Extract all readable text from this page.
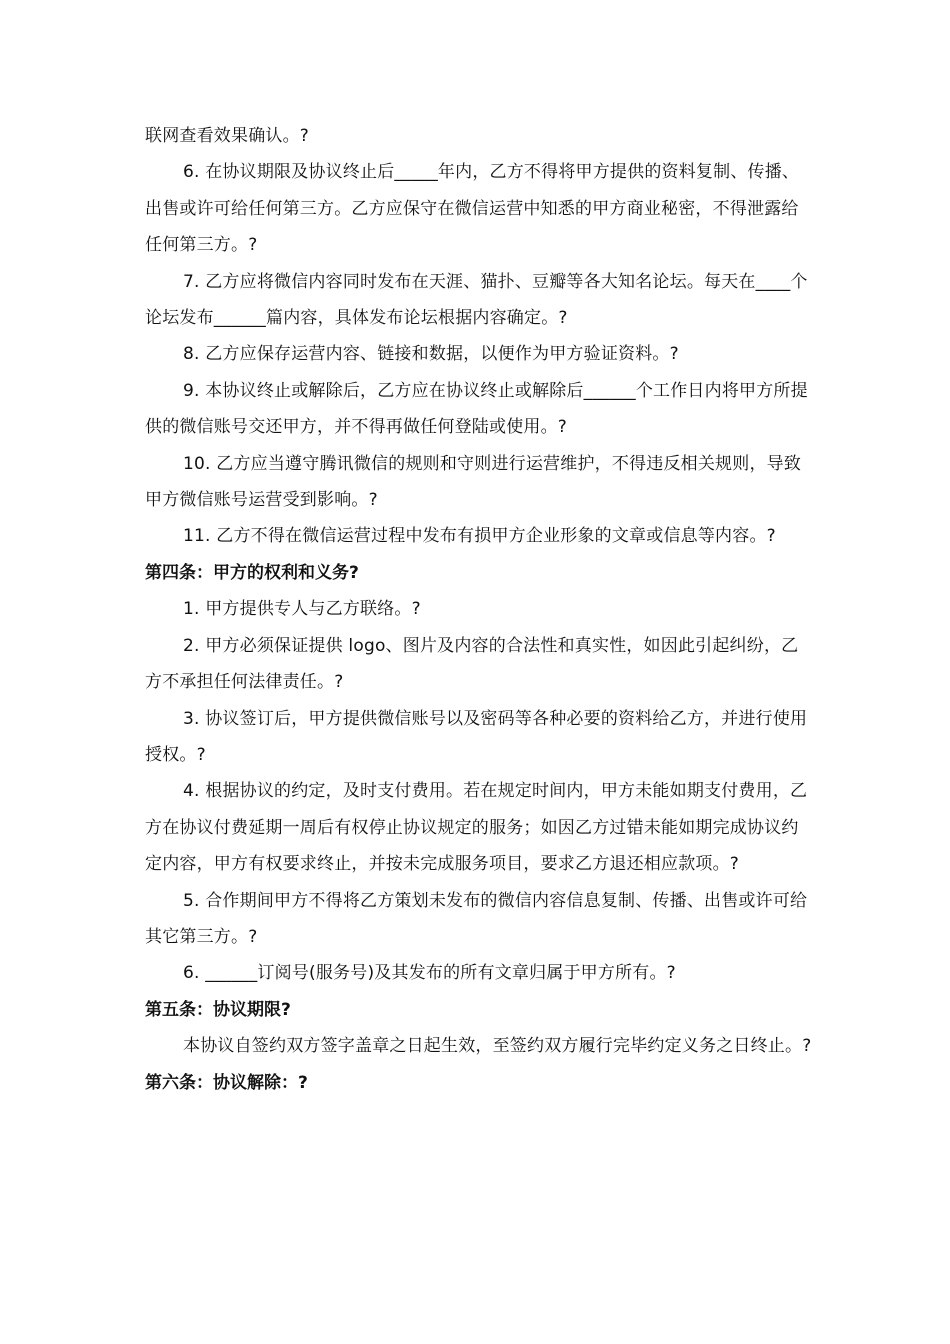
联网查看效果确认。?

6. 在协议期限及协议终止后_____年内，乙方不得将甲方提供的资料复制、传播、出售或许可给任何第三方。乙方应保守在微信运营中知悉的甲方商业秘密，不得泄露给任何第三方。?

7. 乙方应将微信内容同时发布在天涯、猫扑、豆瓣等各大知名论坛。每天在____个论坛发布______篇内容，具体发布论坛根据内容确定。?

8. 乙方应保存运营内容、链接和数据，以便作为甲方验证资料。?

9. 本协议终止或解除后，乙方应在协议终止或解除后______个工作日内将甲方所提供的微信账号交还甲方，并不得再做任何登陆或使用。?

10. 乙方应当遵守腾讯微信的规则和守则进行运营维护，不得违反相关规则，导致甲方微信账号运营受到影响。?

11. 乙方不得在微信运营过程中发布有损甲方企业形象的文章或信息等内容。?

第四条：甲方的权利和义务?

1. 甲方提供专人与乙方联络。?

2. 甲方必须保证提供 logo、图片及内容的合法性和真实性，如因此引起纠纷，乙方不承担任何法律责任。?

3. 协议签订后，甲方提供微信账号以及密码等各种必要的资料给乙方，并进行使用授权。?

4. 根据协议的约定，及时支付费用。若在规定时间内，甲方未能如期支付费用，乙方在协议付费延期一周后有权停止协议规定的服务；如因乙方过错未能如期完成协议约定内容，甲方有权要求终止，并按未完成服务项目，要求乙方退还相应款项。?

5. 合作期间甲方不得将乙方策划未发布的微信内容信息复制、传播、出售或许可给其它第三方。?

6. ______订阅号(服务号)及其发布的所有文章归属于甲方所有。?

第五条：协议期限?

本协议自签约双方签字盖章之日起生效，至签约双方履行完毕约定义务之日终止。?

第六条：协议解除：?
